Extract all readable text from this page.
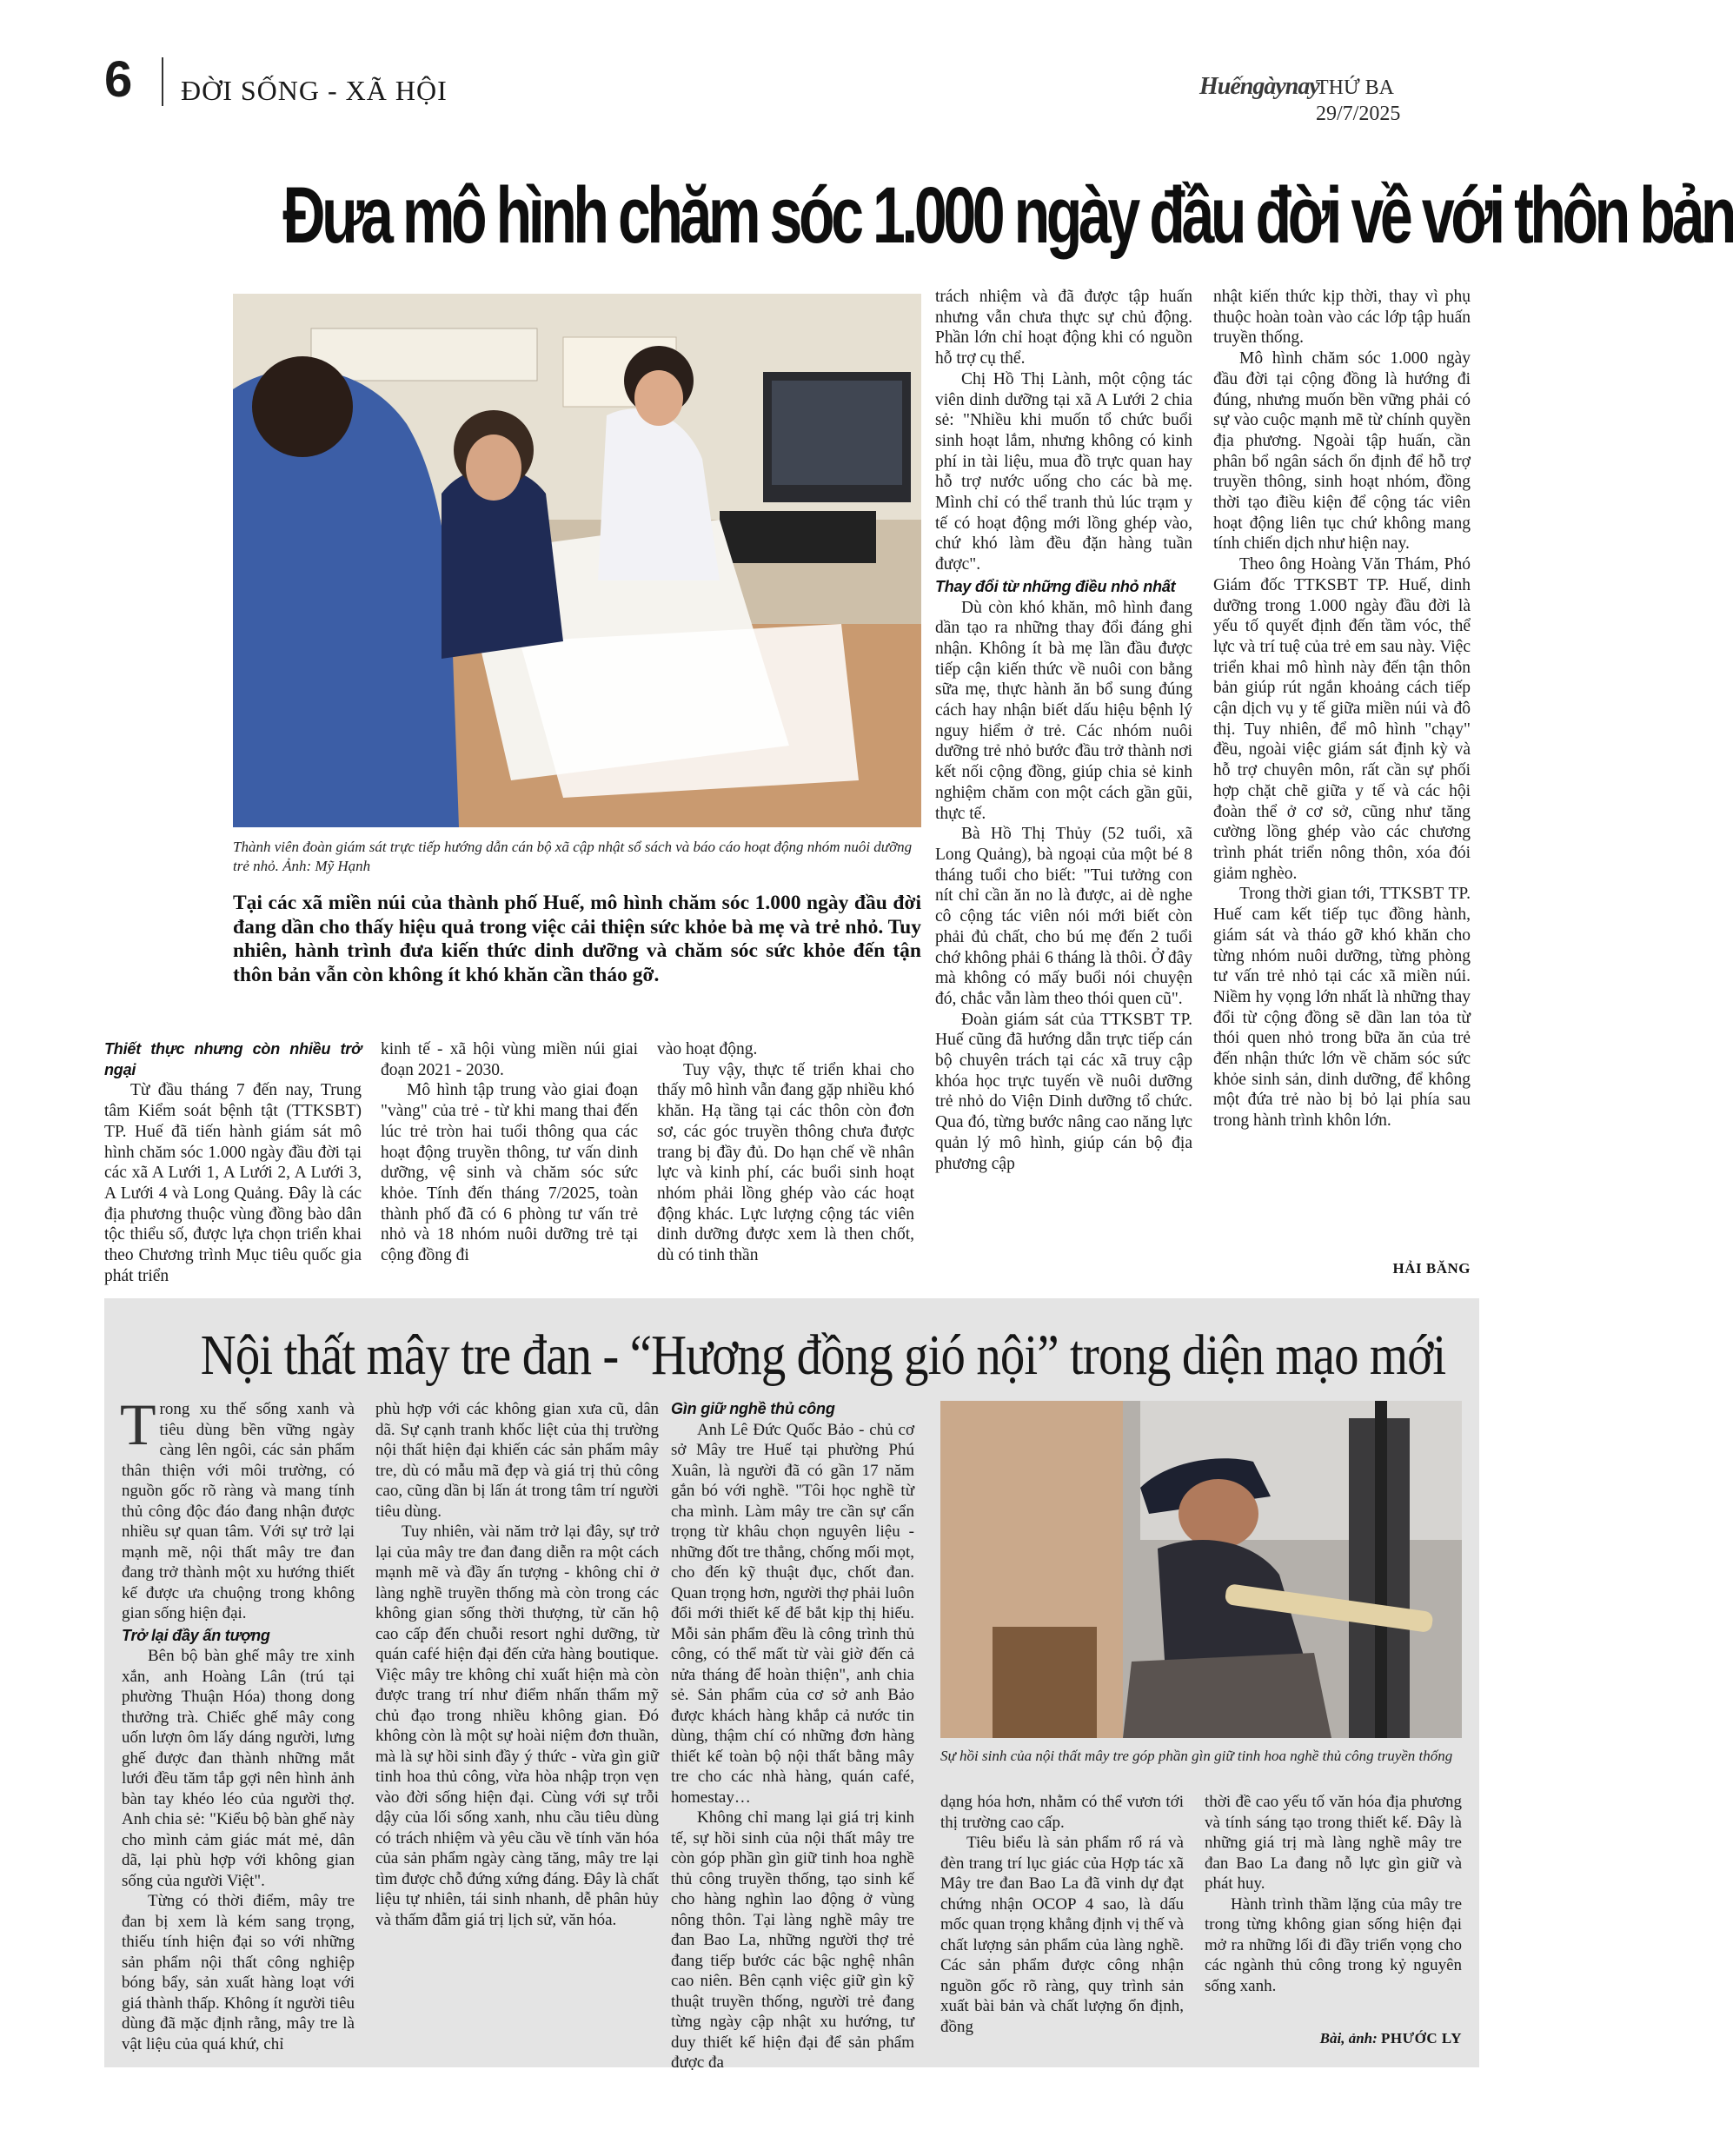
6 ĐỜI SỐNG - XÃ HỘI	Huếngàynay
THỨ BA 29/7/2025
Đưa mô hình chăm sóc 1.000 ngày đầu đời về với thôn bản
Thành viên đoàn giám sát trực tiếp hướng dẫn cán bộ xã cập nhật sổ sách và báo cáo hoạt động nhóm nuôi dưỡng trẻ nhỏ. Ảnh: Mỹ Hạnh
Tại các xã miền núi của thành phố Huế, mô hình chăm sóc 1.000 ngày đầu đời đang dần cho thấy hiệu quả trong việc cải thiện sức khỏe bà mẹ và trẻ nhỏ. Tuy nhiên, hành trình đưa kiến thức dinh dưỡng và chăm sóc sức khỏe đến tận thôn bản vẫn còn không ít khó khăn cần tháo gỡ.
Thiết thực nhưng còn nhiều trở ngại

Từ đầu tháng 7 đến nay, Trung tâm Kiểm soát bệnh tật (TTKSBT) TP. Huế đã tiến hành giám sát mô hình chăm sóc 1.000 ngày đầu đời tại các xã A Lưới 1, A Lưới 2, A Lưới 3, A Lưới 4 và Long Quảng. Đây là các địa phương thuộc vùng đồng bào dân tộc thiểu số, được lựa chọn triển khai theo Chương trình Mục tiêu quốc gia phát triển

kinh tế - xã hội vùng miền núi giai đoạn 2021 - 2030.

Mô hình tập trung vào giai đoạn "vàng" của trẻ - từ khi mang thai đến lúc trẻ tròn hai tuổi thông qua các hoạt động truyền thông, tư vấn dinh dưỡng, vệ sinh và chăm sóc sức khỏe. Tính đến tháng 7/2025, toàn thành phố đã có 6 phòng tư vấn trẻ nhỏ và 18 nhóm nuôi dưỡng trẻ tại cộng đồng đi

vào hoạt động.

Tuy vậy, thực tế triển khai cho thấy mô hình vẫn đang gặp nhiều khó khăn. Hạ tầng tại các thôn còn đơn sơ, các góc truyền thông chưa được trang bị đầy đủ. Do hạn chế về nhân lực và kinh phí, các buổi sinh hoạt nhóm phải lồng ghép vào các hoạt động khác. Lực lượng cộng tác viên dinh dưỡng được xem là then chốt, dù có tinh thần

trách nhiệm và đã được tập huấn nhưng vẫn chưa thực sự chủ động. Phần lớn chỉ hoạt động khi có nguồn hỗ trợ cụ thể.

Chị Hồ Thị Lành, một cộng tác viên dinh dưỡng tại xã A Lưới 2 chia sẻ: "Nhiều khi muốn tổ chức buổi sinh hoạt lắm, nhưng không có kinh phí in tài liệu, mua đồ trực quan hay hỗ trợ nước uống cho các bà mẹ. Mình chỉ có thể tranh thủ lúc trạm y tế có hoạt động mới lồng ghép vào, chứ khó làm đều đặn hàng tuần được".

Thay đổi từ những điều nhỏ nhất

Dù còn khó khăn, mô hình đang dần tạo ra những thay đổi đáng ghi nhận. Không ít bà mẹ lần đầu được tiếp cận kiến thức về nuôi con bằng sữa mẹ, thực hành ăn bổ sung đúng cách hay nhận biết dấu hiệu bệnh lý nguy hiểm ở trẻ. Các nhóm nuôi dưỡng trẻ nhỏ bước đầu trở thành nơi kết nối cộng đồng, giúp chia sẻ kinh nghiệm chăm con một cách gần gũi, thực tế.

Bà Hồ Thị Thủy (52 tuổi, xã Long Quảng), bà ngoại của một bé 8 tháng tuổi cho biết: "Tui tưởng con nít chỉ cần ăn no là được, ai dè nghe cô cộng tác viên nói mới biết còn phải đủ chất, cho bú mẹ đến 2 tuổi chớ không phải 6 tháng là thôi. Ở đây mà không có mấy buổi nói chuyện đó, chắc vẫn làm theo thói quen cũ".

Đoàn giám sát của TTKSBT TP. Huế cũng đã hướng dẫn trực tiếp cán bộ chuyên trách tại các xã truy cập khóa học trực tuyến về nuôi dưỡng trẻ nhỏ do Viện Dinh dưỡng tổ chức. Qua đó, từng bước nâng cao năng lực quản lý mô hình, giúp cán bộ địa phương cập

nhật kiến thức kịp thời, thay vì phụ thuộc hoàn toàn vào các lớp tập huấn truyền thống.

Mô hình chăm sóc 1.000 ngày đầu đời tại cộng đồng là hướng đi đúng, nhưng muốn bền vững phải có sự vào cuộc mạnh mẽ từ chính quyền địa phương. Ngoài tập huấn, cần phân bổ ngân sách ổn định để hỗ trợ truyền thông, sinh hoạt nhóm, đồng thời tạo điều kiện để cộng tác viên hoạt động liên tục chứ không mang tính chiến dịch như hiện nay.

Theo ông Hoàng Văn Thám, Phó Giám đốc TTKSBT TP. Huế, dinh dưỡng trong 1.000 ngày đầu đời là yếu tố quyết định đến tầm vóc, thể lực và trí tuệ của trẻ em sau này. Việc triển khai mô hình này đến tận thôn bản giúp rút ngắn khoảng cách tiếp cận dịch vụ y tế giữa miền núi và đô thị. Tuy nhiên, để mô hình "chạy" đều, ngoài việc giám sát định kỳ và hỗ trợ chuyên môn, rất cần sự phối hợp chặt chẽ giữa y tế và các hội đoàn thể ở cơ sở, cũng như tăng cường lồng ghép vào các chương trình phát triển nông thôn, xóa đói giảm nghèo.

Trong thời gian tới, TTKSBT TP. Huế cam kết tiếp tục đồng hành, giám sát và tháo gỡ khó khăn cho từng nhóm nuôi dưỡng, từng phòng tư vấn trẻ nhỏ tại các xã miền núi. Niềm hy vọng lớn nhất là những thay đổi từ cộng đồng sẽ dần lan tỏa từ thói quen nhỏ trong bữa ăn của trẻ đến nhận thức lớn về chăm sóc sức khỏe sinh sản, dinh dưỡng, để không một đứa trẻ nào bị bỏ lại phía sau trong hành trình khôn lớn.

HẢI BĂNG
Nội thất mây tre đan - “Hương đồng gió nội” trong diện mạo mới

Trong xu thế sống xanh và tiêu dùng bền vững ngày càng lên ngôi, các sản phẩm thân thiện với môi trường, có nguồn gốc rõ ràng và mang tính thủ công độc đáo đang nhận được nhiều sự quan tâm. Với sự trở lại mạnh mẽ, nội thất mây tre đan đang trở thành một xu hướng thiết kế được ưa chuộng trong không gian sống hiện đại.

Trở lại đầy ấn tượng

Bên bộ bàn ghế mây tre xinh xắn, anh Hoàng Lân (trú tại phường Thuận Hóa) thong dong thưởng trà. Chiếc ghế mây cong uốn lượn ôm lấy dáng người, lưng ghế được đan thành những mắt lưới đều tăm tắp gợi nên hình ảnh bàn tay khéo léo của người thợ. Anh chia sẻ: "Kiểu bộ bàn ghế này cho mình cảm giác mát mẻ, dân dã, lại phù hợp với không gian sống của người Việt".

Từng có thời điểm, mây tre đan bị xem là kém sang trọng, thiếu tính hiện đại so với những sản phẩm nội thất công nghiệp bóng bẩy, sản xuất hàng loạt với giá thành thấp. Không ít người tiêu dùng đã mặc định rằng, mây tre là vật liệu của quá khứ, chỉ

phù hợp với các không gian xưa cũ, dân dã. Sự cạnh tranh khốc liệt của thị trường nội thất hiện đại khiến các sản phẩm mây tre, dù có mẫu mã đẹp và giá trị thủ công cao, cũng dần bị lấn át trong tâm trí người tiêu dùng.

Tuy nhiên, vài năm trở lại đây, sự trở lại của mây tre đan đang diễn ra một cách mạnh mẽ và đầy ấn tượng - không chỉ ở làng nghề truyền thống mà còn trong các không gian sống thời thượng, từ căn hộ cao cấp đến chuỗi resort nghỉ dưỡng, từ quán café hiện đại đến cửa hàng boutique. Việc mây tre không chỉ xuất hiện mà còn được trang trí như điểm nhấn thẩm mỹ chủ đạo trong nhiều không gian. Đó không còn là một sự hoài niệm đơn thuần, mà là sự hồi sinh đầy ý thức - vừa gìn giữ tinh hoa thủ công, vừa hòa nhập trọn vẹn vào đời sống hiện đại. Cùng với sự trỗi dậy của lối sống xanh, nhu cầu tiêu dùng có trách nhiệm và yêu cầu về tính văn hóa của sản phẩm ngày càng tăng, mây tre lại tìm được chỗ đứng xứng đáng. Đây là chất liệu tự nhiên, tái sinh nhanh, dễ phân hủy và thấm đẫm giá trị lịch sử, văn hóa.

Gìn giữ nghề thủ công

Anh Lê Đức Quốc Bảo - chủ cơ sở Mây tre Huế tại phường Phú Xuân, là người đã có gần 17 năm gắn bó với nghề. "Tôi học nghề từ cha mình. Làm mây tre cần sự cẩn trọng từ khâu chọn nguyên liệu - những đốt tre thẳng, chống mối mọt, cho đến kỹ thuật đục, chốt đan. Quan trọng hơn, người thợ phải luôn đổi mới thiết kế để bắt kịp thị hiếu. Mỗi sản phẩm đều là công trình thủ công, có thể mất từ vài giờ đến cả nửa tháng để hoàn thiện", anh chia sẻ. Sản phẩm của cơ sở anh Bảo được khách hàng khắp cả nước tin dùng, thậm chí có những đơn hàng thiết kế toàn bộ nội thất bằng mây tre cho các nhà hàng, quán café, homestay…

Không chỉ mang lại giá trị kinh tế, sự hồi sinh của nội thất mây tre còn góp phần gìn giữ tinh hoa nghề thủ công truyền thống, tạo sinh kế cho hàng nghìn lao động ở vùng nông thôn. Tại làng nghề mây tre đan Bao La, những người thợ trẻ đang tiếp bước các bậc nghệ nhân cao niên. Bên cạnh việc giữ gìn kỹ thuật truyền thống, người trẻ đang từng ngày cập nhật xu hướng, tư duy thiết kế hiện đại để sản phẩm được đa

Sự hồi sinh của nội thất mây tre góp phần gìn giữ tinh hoa nghề thủ công truyền thống

dạng hóa hơn, nhằm có thể vươn tới thị trường cao cấp.

Tiêu biểu là sản phẩm rổ rá và đèn trang trí lục giác của Hợp tác xã Mây tre đan Bao La đã vinh dự đạt chứng nhận OCOP 4 sao, là dấu mốc quan trọng khẳng định vị thế và chất lượng sản phẩm của làng nghề. Các sản phẩm được công nhận nguồn gốc rõ ràng, quy trình sản xuất bài bản và chất lượng ổn định, đồng

thời đề cao yếu tố văn hóa địa phương và tính sáng tạo trong thiết kế. Đây là những giá trị mà làng nghề mây tre đan Bao La đang nỗ lực gìn giữ và phát huy.

Hành trình thầm lặng của mây tre trong từng không gian sống hiện đại mở ra những lối đi đầy triển vọng cho các ngành thủ công trong kỷ nguyên sống xanh.

Bài, ảnh: PHƯỚC LY
